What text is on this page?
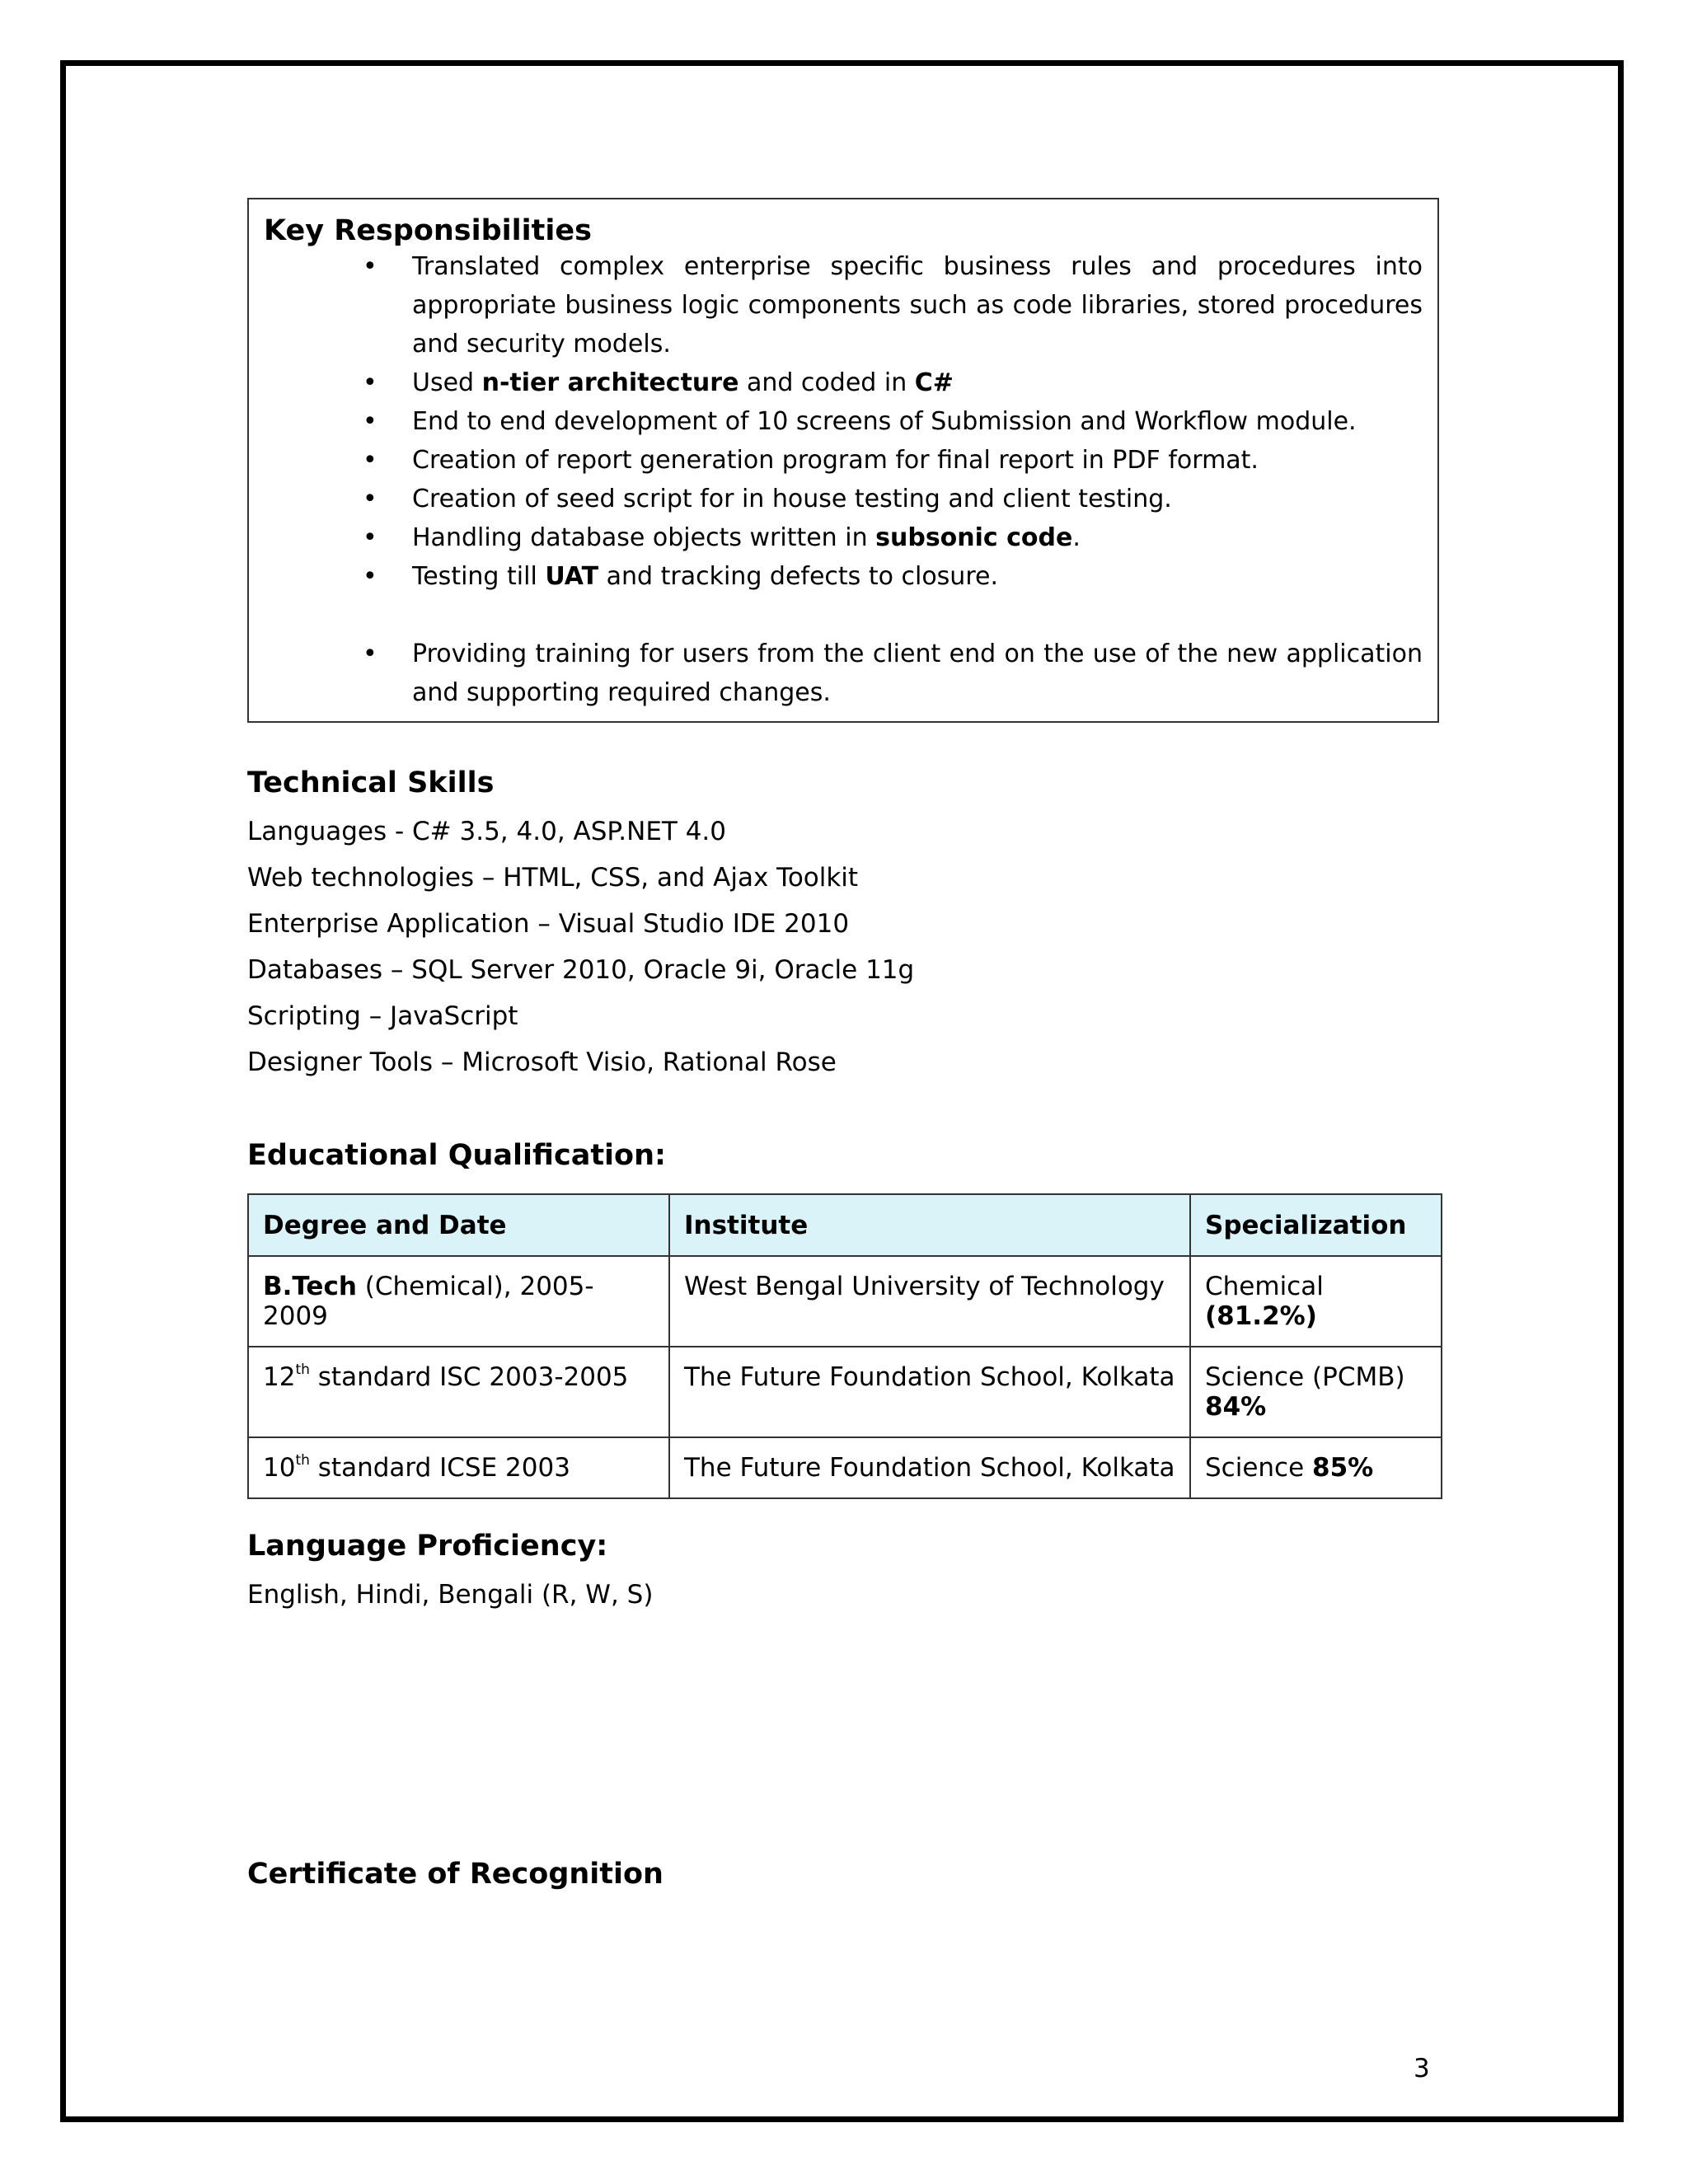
Key Responsibilities
• Translated complex enterprise specific business rules and procedures into appropriate business logic components such as code libraries, stored procedures and security models.
• Used n-tier architecture and coded in C#
• End to end development of 10 screens of Submission and Workflow module.
• Creation of report generation program for final report in PDF format.
• Creation of seed script for in house testing and client testing.
• Handling database objects written in subsonic code.
• Testing till UAT and tracking defects to closure.
• Providing training for users from the client end on the use of the new application and supporting required changes.
Technical Skills
Languages - C# 3.5, 4.0, ASP.NET 4.0
Web technologies – HTML, CSS, and Ajax Toolkit
Enterprise Application – Visual Studio IDE 2010
Databases – SQL Server 2010, Oracle 9i, Oracle 11g
Scripting – JavaScript
Designer Tools – Microsoft Visio, Rational Rose
Educational Qualification:
Degree and Date	Institute	Specialization
B.Tech (Chemical), 2005-2009	West Bengal University of Technology	Chemical
(81.2%)
12th standard ISC 2003-2005	The Future Foundation School, Kolkata	Science (PCMB)
84%
10th standard ICSE 2003	The Future Foundation School, Kolkata	Science 85%
Language Proficiency:
English, Hindi, Bengali (R, W, S)
Certificate of Recognition
3
